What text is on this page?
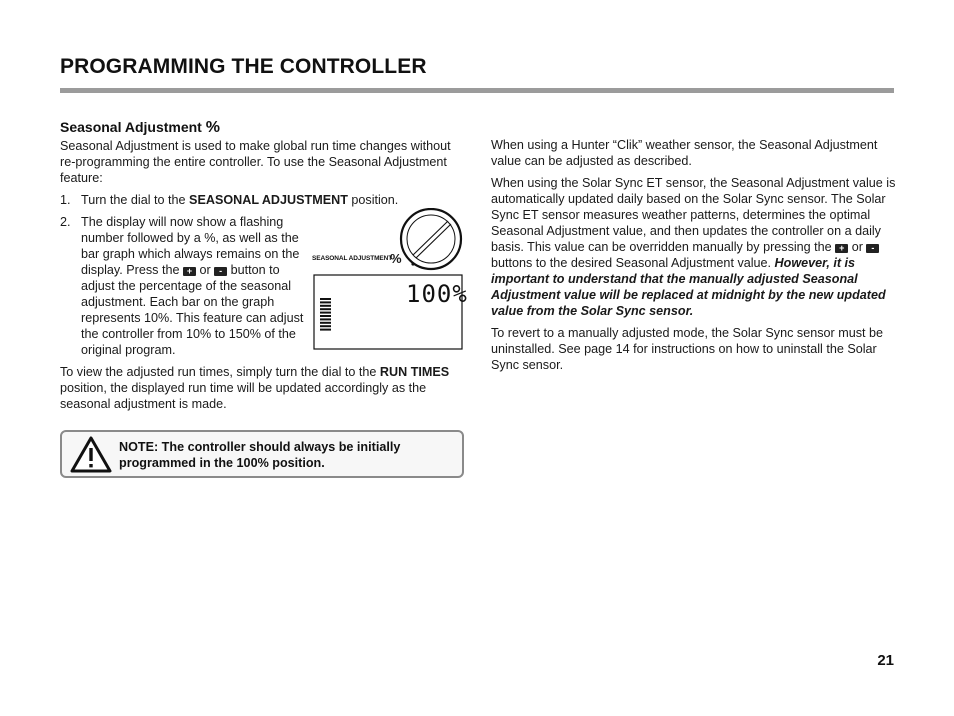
PROGRAMMING THE CONTROLLER
Seasonal Adjustment %

Seasonal Adjustment is used to make global run time changes without re-programming the entire controller. To use the Seasonal Adjustment feature:

1. Turn the dial to the SEASONAL ADJUSTMENT position.
2. The display will now show a flashing number followed by a %, as well as the bar graph which always remains on the display. Press the + or - button to adjust the percentage of the seasonal adjustment. Each bar on the graph represents 10%. This feature can adjust the controller from 10% to 150% of the original program.

To view the adjusted run times, simply turn the dial to the RUN TIMES position, the displayed run time will be updated accordingly as the seasonal adjustment is made.

SEASONAL ADJUSTMENT
%
100%
NOTE: The controller should always be initially programmed in the 100% position.

When using a Hunter “Clik” weather sensor, the Seasonal Adjustment value can be adjusted as described.

When using the Solar Sync ET sensor, the Seasonal Adjustment value is automatically updated daily based on the Solar Sync sensor. The Solar Sync ET sensor measures weather patterns, determines the optimal Seasonal Adjustment value, and then updates the controller on a daily basis. This value can be overridden manually by pressing the + or - buttons to the desired Seasonal Adjustment value. However, it is important to understand that the manually adjusted Seasonal Adjustment value will be replaced at midnight by the new updated value from the Solar Sync sensor.

To revert to a manually adjusted mode, the Solar Sync sensor must be uninstalled. See page 14 for instructions on how to uninstall the Solar Sync sensor.

21
